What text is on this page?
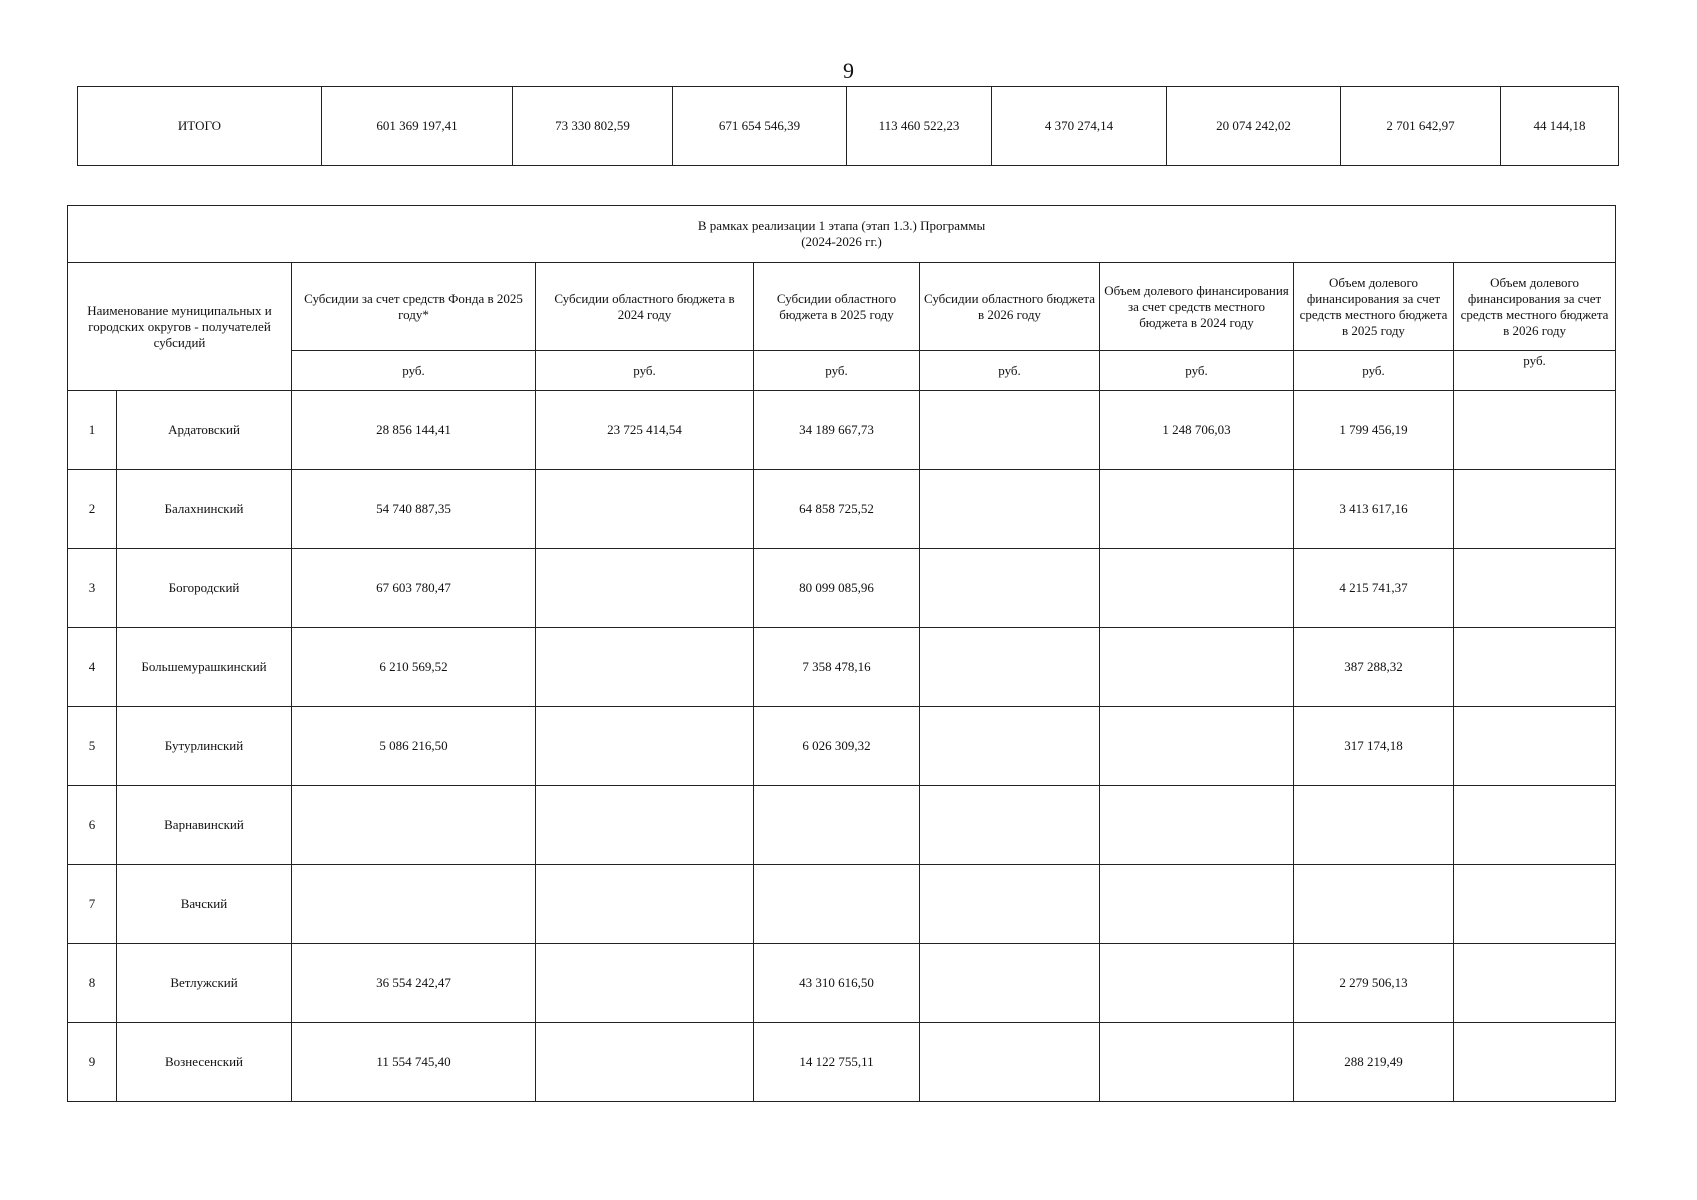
9
ИТОГО	601 369 197,41	73 330 802,59	671 654 546,39	113 460 522,23	4 370 274,14	20 074 242,02	2 701 642,97	44 144,18
В рамках реализации 1 этапа (этап 1.3.) Программы
(2024-2026 гг.)								
Наименование муниципальных и городских округов - получателей субсидий		Субсидии за счет средств Фонда в 2025 году*	Субсидии областного бюджета в 2024 году	Субсидии областного бюджета в 2025 году	Субсидии областного бюджета в 2026 году	Объем долевого финансирования за счет средств местного бюджета в 2024 году	Объем долевого финансирования за счет средств местного бюджета в 2025 году	Объем долевого финансирования за счет средств местного бюджета в 2026 году
		руб.	руб.	руб.	руб.	руб.	руб.	руб.
1	Ардатовский	28 856 144,41	23 725 414,54	34 189 667,73		1 248 706,03	1 799 456,19	
2	Балахнинский	54 740 887,35		64 858 725,52			3 413 617,16	
3	Богородский	67 603 780,47		80 099 085,96			4 215 741,37	
4	Большемурашкинский	6 210 569,52		7 358 478,16			387 288,32	
5	Бутурлинский	5 086 216,50		6 026 309,32			317 174,18	
6	Варнавинский							
7	Вачский							
8	Ветлужский	36 554 242,47		43 310 616,50			2 279 506,13	
9	Вознесенский	11 554 745,40		14 122 755,11			288 219,49	
